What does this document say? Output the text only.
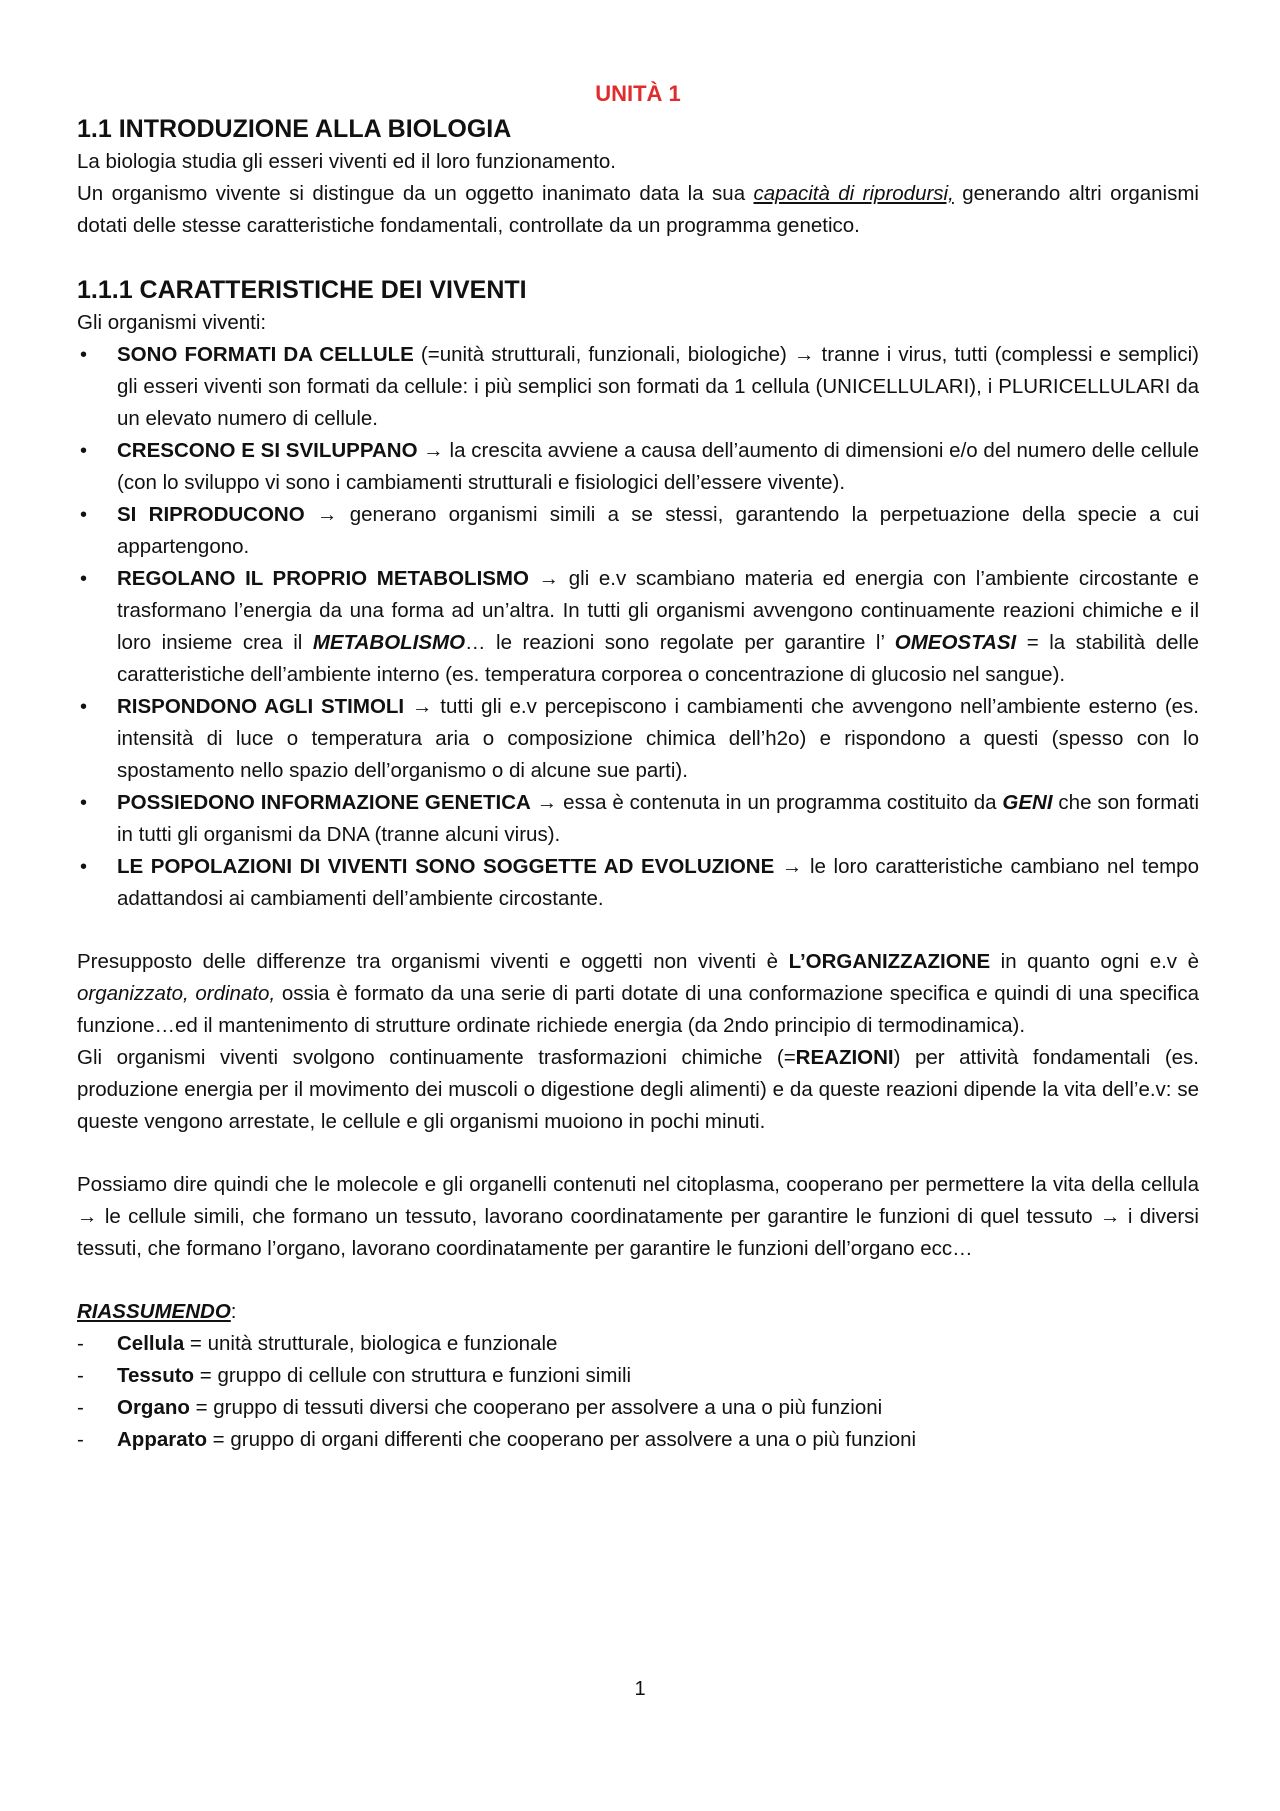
UNITÀ 1
1.1 INTRODUZIONE ALLA BIOLOGIA

La biologia studia gli esseri viventi ed il loro funzionamento.

Un organismo vivente si distingue da un oggetto inanimato data la sua capacità di riprodursi, generando altri organismi dotati delle stesse caratteristiche fondamentali, controllate da un programma genetico.

1.1.1 CARATTERISTICHE DEI VIVENTI

Gli organismi viventi:

• SONO FORMATI DA CELLULE (=unità strutturali, funzionali, biologiche) → tranne i virus, tutti (complessi e semplici) gli esseri viventi son formati da cellule: i più semplici son formati da 1 cellula (UNICELLULARI), i PLURICELLULARI da un elevato numero di cellule.
• CRESCONO E SI SVILUPPANO → la crescita avviene a causa dell’aumento di dimensioni e/o del numero delle cellule (con lo sviluppo vi sono i cambiamenti strutturali e fisiologici dell’essere vivente).
• SI RIPRODUCONO → generano organismi simili a se stessi, garantendo la perpetuazione della specie a cui appartengono.
• REGOLANO IL PROPRIO METABOLISMO → gli e.v scambiano materia ed energia con l’ambiente circostante e trasformano l’energia da una forma ad un’altra. In tutti gli organismi avvengono continuamente reazioni chimiche e il loro insieme crea il METABOLISMO… le reazioni sono regolate per garantire l’ OMEOSTASI = la stabilità delle caratteristiche dell’ambiente interno (es. temperatura corporea o concentrazione di glucosio nel sangue).
• RISPONDONO AGLI STIMOLI → tutti gli e.v percepiscono i cambiamenti che avvengono nell’ambiente esterno (es. intensità di luce o temperatura aria o composizione chimica dell’h2o) e rispondono a questi (spesso con lo spostamento nello spazio dell’organismo o di alcune sue parti).
• POSSIEDONO INFORMAZIONE GENETICA → essa è contenuta in un programma costituito da GENI che son formati in tutti gli organismi da DNA (tranne alcuni virus).
• LE POPOLAZIONI DI VIVENTI SONO SOGGETTE AD EVOLUZIONE → le loro caratteristiche cambiano nel tempo adattandosi ai cambiamenti dell’ambiente circostante.

Presupposto delle differenze tra organismi viventi e oggetti non viventi è L’ORGANIZZAZIONE in quanto ogni e.v è organizzato, ordinato, ossia è formato da una serie di parti dotate di una conformazione specifica e quindi di una specifica funzione…ed il mantenimento di strutture ordinate richiede energia (da 2ndo principio di termodinamica).

Gli organismi viventi svolgono continuamente trasformazioni chimiche (=REAZIONI) per attività fondamentali (es. produzione energia per il movimento dei muscoli o digestione degli alimenti) e da queste reazioni dipende la vita dell’e.v: se queste vengono arrestate, le cellule e gli organismi muoiono in pochi minuti.

Possiamo dire quindi che le molecole e gli organelli contenuti nel citoplasma, cooperano per permettere la vita della cellula → le cellule simili, che formano un tessuto, lavorano coordinatamente per garantire le funzioni di quel tessuto → i diversi tessuti, che formano l’organo, lavorano coordinatamente per garantire le funzioni dell’organo ecc…

RIASSUMENDO:

- Cellula = unità strutturale, biologica e funzionale
- Tessuto = gruppo di cellule con struttura e funzioni simili
- Organo = gruppo di tessuti diversi che cooperano per assolvere a una o più funzioni
- Apparato = gruppo di organi differenti che cooperano per assolvere a una o più funzioni
1
